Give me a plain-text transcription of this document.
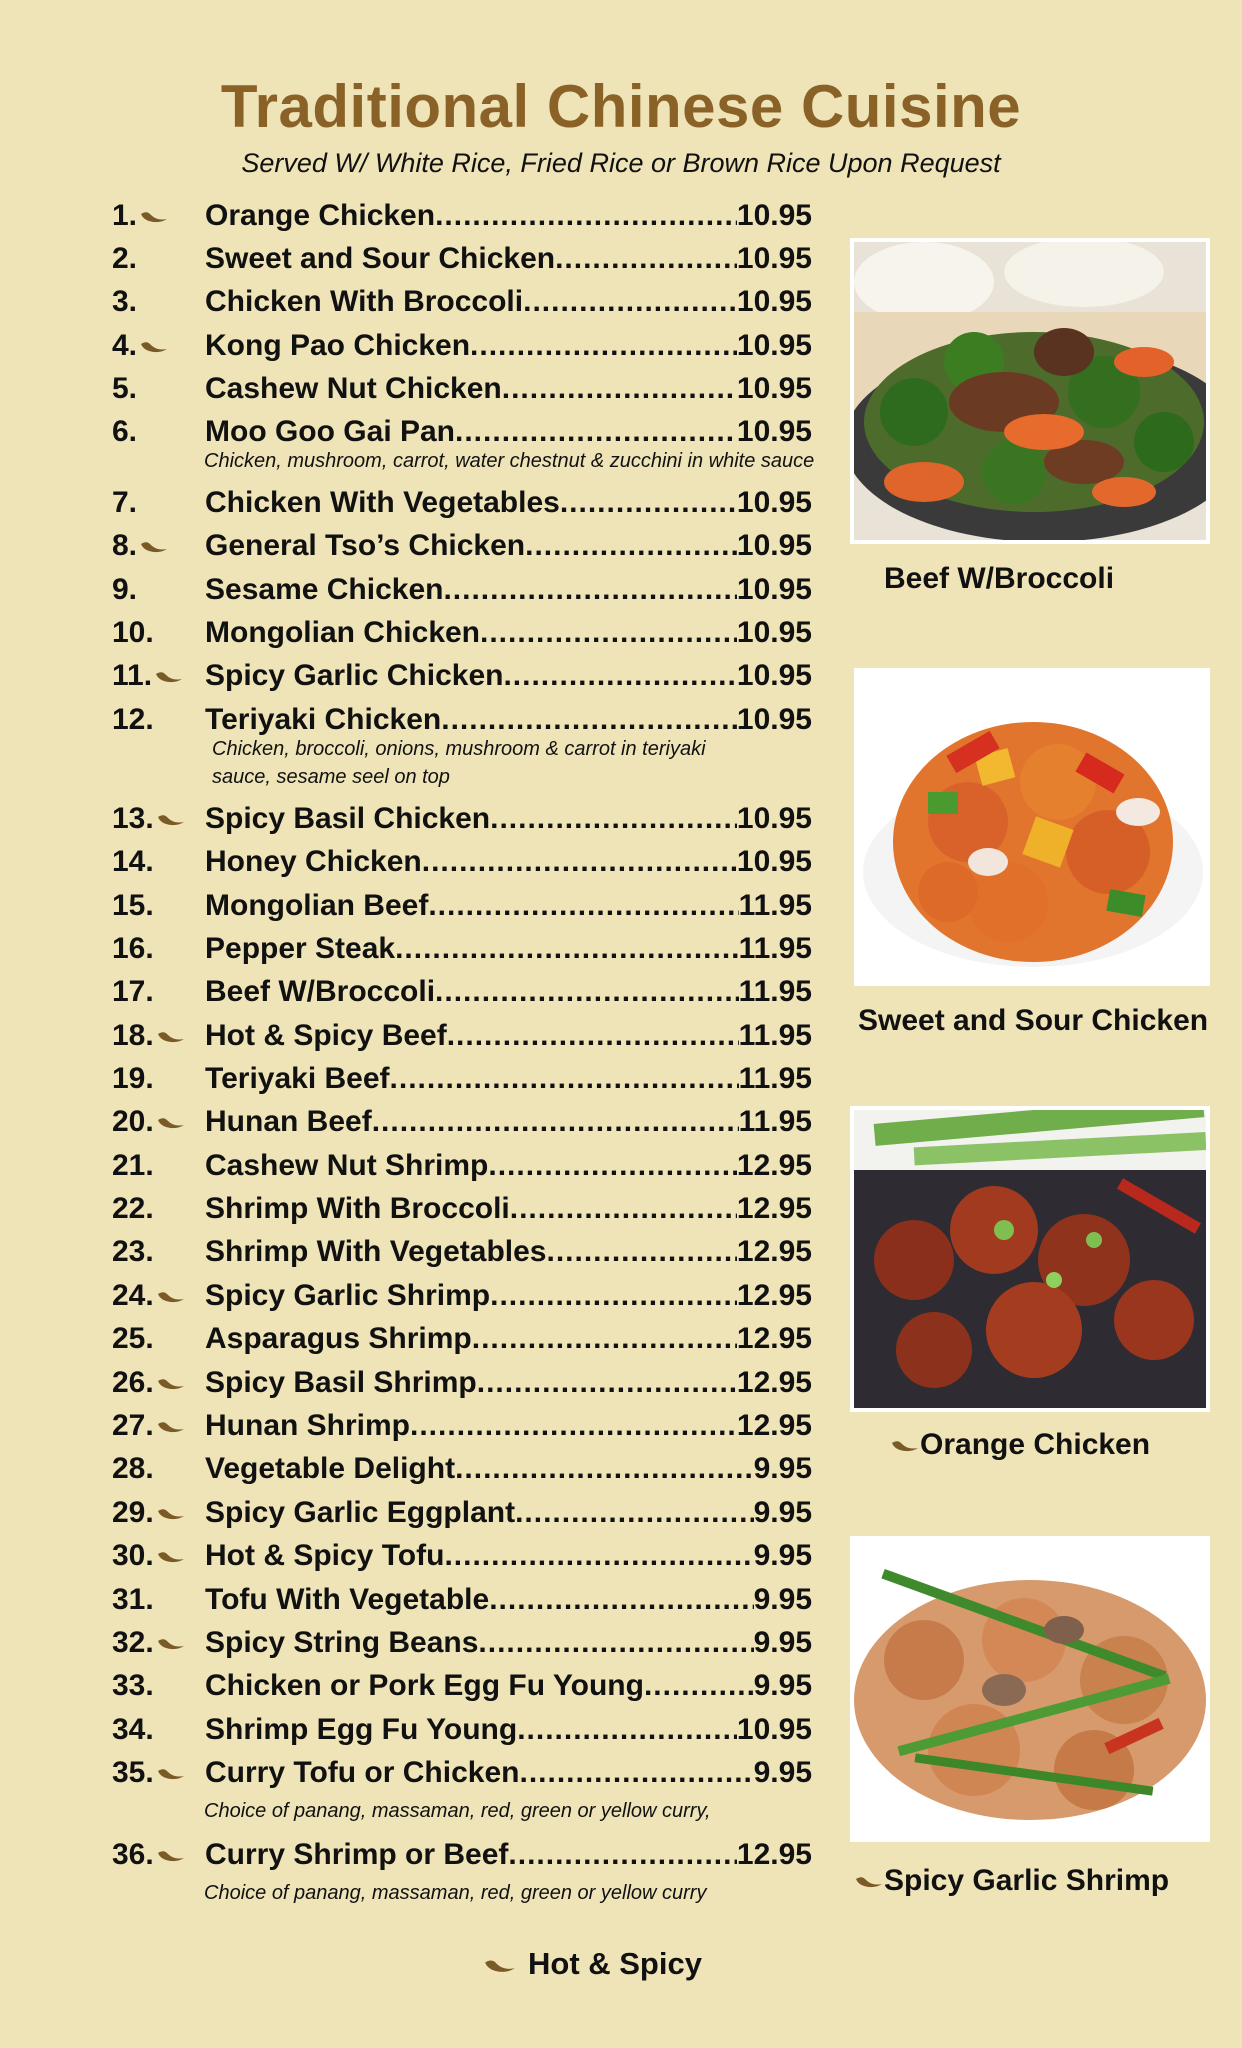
Traditional Chinese Cuisine
Served W/ White Rice, Fried Rice or Brown Rice Upon Request
1.	Orange Chicken .....	10.95
2.	Sweet and Sour Chicken .....	10.95
3.	Chicken With Broccoli .....	10.95
4.	Kong Pao Chicken .....	10.95
5.	Cashew Nut Chicken .....	10.95
6.	Moo Goo Gai Pan .....	10.95
Chicken, mushroom, carrot, water chestnut & zucchini in white sauce
7.	Chicken With Vegetables .....	10.95
8.	General Tso’s Chicken .....	10.95
9.	Sesame Chicken .....	10.95
10.	Mongolian Chicken .....	10.95
11.	Spicy Garlic Chicken .....	10.95
12.	Teriyaki Chicken .....	10.95
Chicken, broccoli, onions, mushroom & carrot in teriyaki
sauce, sesame seel on top
13.	Spicy Basil Chicken .....	10.95
14.	Honey Chicken .....	10.95
15.	Mongolian Beef .....	11.95
16.	Pepper Steak .....	11.95
17.	Beef W/Broccoli .....	11.95
18.	Hot & Spicy Beef .....	11.95
19.	Teriyaki Beef .....	11.95
20.	Hunan Beef .....	11.95
21.	Cashew Nut Shrimp .....	12.95
22.	Shrimp With Broccoli .....	12.95
23.	Shrimp With Vegetables .....	12.95
24.	Spicy Garlic Shrimp .....	12.95
25.	Asparagus Shrimp .....	12.95
26.	Spicy Basil Shrimp .....	12.95
27.	Hunan Shrimp .....	12.95
28.	Vegetable Delight .....	9.95
29.	Spicy Garlic Eggplant .....	9.95
30.	Hot & Spicy Tofu .....	9.95
31.	Tofu With Vegetable .....	9.95
32.	Spicy String Beans .....	9.95
33.	Chicken or Pork Egg Fu Young .....	9.95
34.	Shrimp Egg Fu Young .....	10.95
35.	Curry Tofu or Chicken .....	9.95
Choice of panang, massaman, red, green or yellow curry,
36.	Curry Shrimp or Beef .....	12.95
Choice of panang, massaman, red, green or yellow curry
Beef W/Broccoli
Sweet and Sour Chicken
Orange Chicken
Spicy Garlic Shrimp
Hot & Spicy
